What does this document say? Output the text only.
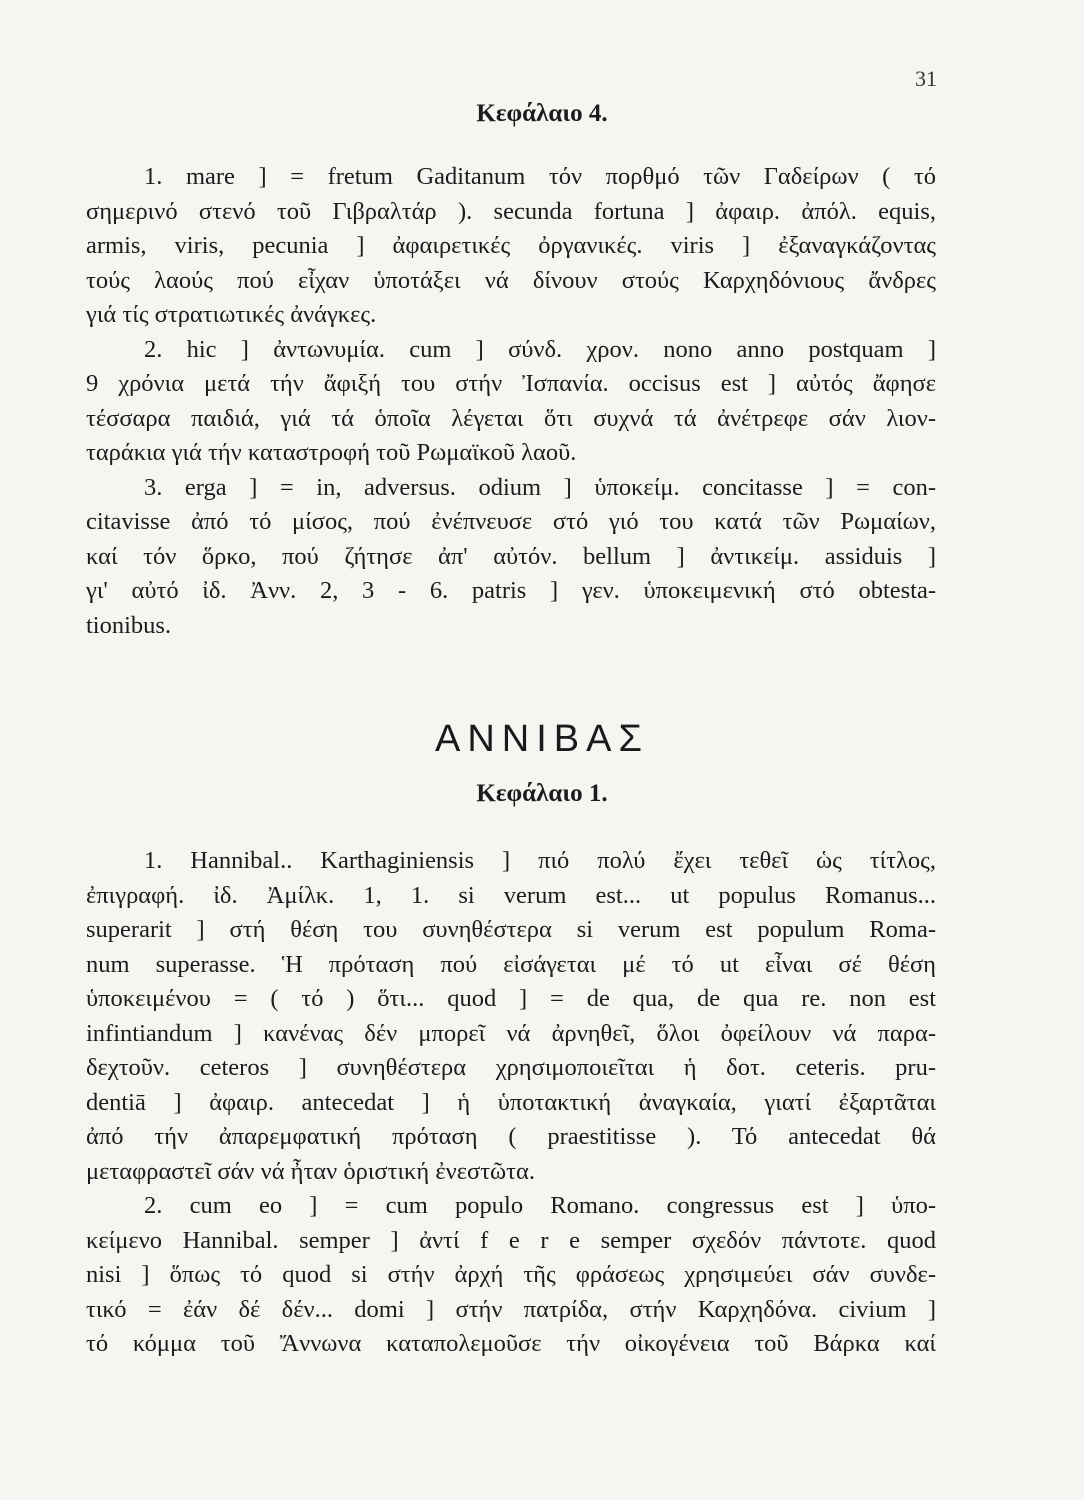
31
Κεφάλαιο 4.
1. mare ] = fretum Gaditanum τόν πορθμό τῶν Γαδείρων ( τό
σημερινό στενό τοῦ Γιβραλτάρ ). secunda fortuna ] ἀφαιρ. ἀπόλ. equis,
armis, viris, pecunia ] ἀφαιρετικές ὀργανικές. viris ] ἐξαναγκάζοντας
τούς λαούς πού εἶχαν ὑποτάξει νά δίνουν στούς Καρχηδόνιους ἄνδρες
γιά τίς στρατιωτικές ἀνάγκες.
2. hic ] ἀντωνυμία. cum ] σύνδ. χρον. nono anno postquam ]
9 χρόνια μετά τήν ἄφιξή του στήν Ἰσπανία. occisus est ] αὐτός ἄφησε
τέσσαρα παιδιά, γιά τά ὁποῖα λέγεται ὅτι συχνά τά ἀνέτρεφε σάν λιον-
ταράκια γιά τήν καταστροφή τοῦ Ρωμαϊκοῦ λαοῦ.
3. erga ] = in, adversus. odium ] ὑποκείμ. concitasse ] = con-
citavisse ἀπό τό μίσος, πού ἐνέπνευσε στό γιό του κατά τῶν Ρωμαίων,
καί τόν ὅρκο, πού ζήτησε ἀπ' αὐτόν. bellum ] ἀντικείμ. assiduis ]
γι' αὐτό ἰδ. Ἀνν. 2, 3 - 6. patris ] γεν. ὑποκειμενική στό obtesta-
tionibus.
ΑΝΝΙΒΑΣ
Κεφάλαιο 1.
1. Hannibal.. Karthaginiensis ] πιό πολύ ἔχει τεθεῖ ὡς τίτλος,
ἐπιγραφή. ἰδ. Ἀμίλκ. 1, 1. si verum est... ut populus Romanus...
superarit ] στή θέση του συνηθέστερα si verum est populum Roma-
num superasse. Ἡ πρόταση πού εἰσάγεται μέ τό ut εἶναι σέ θέση
ὑποκειμένου = ( τό ) ὅτι... quod ] = de qua, de qua re. non est
infintiandum ] κανένας δέν μπορεῖ νά ἀρνηθεῖ, ὅλοι ὀφείλουν νά παρα-
δεχτοῦν. ceteros ] συνηθέστερα χρησιμοποιεῖται ἡ δοτ. ceteris. pru-
dentiā ] ἀφαιρ. antecedat ] ἡ ὑποτακτική ἀναγκαία, γιατί ἐξαρτᾶται
ἀπό τήν ἀπαρεμφατική πρόταση ( praestitisse ). Τό antecedat θά
μεταφραστεῖ σάν νά ἦταν ὁριστική ἐνεστῶτα.
2. cum eo ] = cum populo Romano. congressus est ] ὑπο-
κείμενο Hannibal. semper ] ἀντί f e r e semper σχεδόν πάντοτε. quod
nisi ] ὅπως τό quod si στήν ἀρχή τῆς φράσεως χρησιμεύει σάν συνδε-
τικό = ἐάν δέ δέν... domi ] στήν πατρίδα, στήν Καρχηδόνα. civium ]
τό κόμμα τοῦ Ἄννωνα καταπολεμοῦσε τήν οἰκογένεια τοῦ Βάρκα καί
